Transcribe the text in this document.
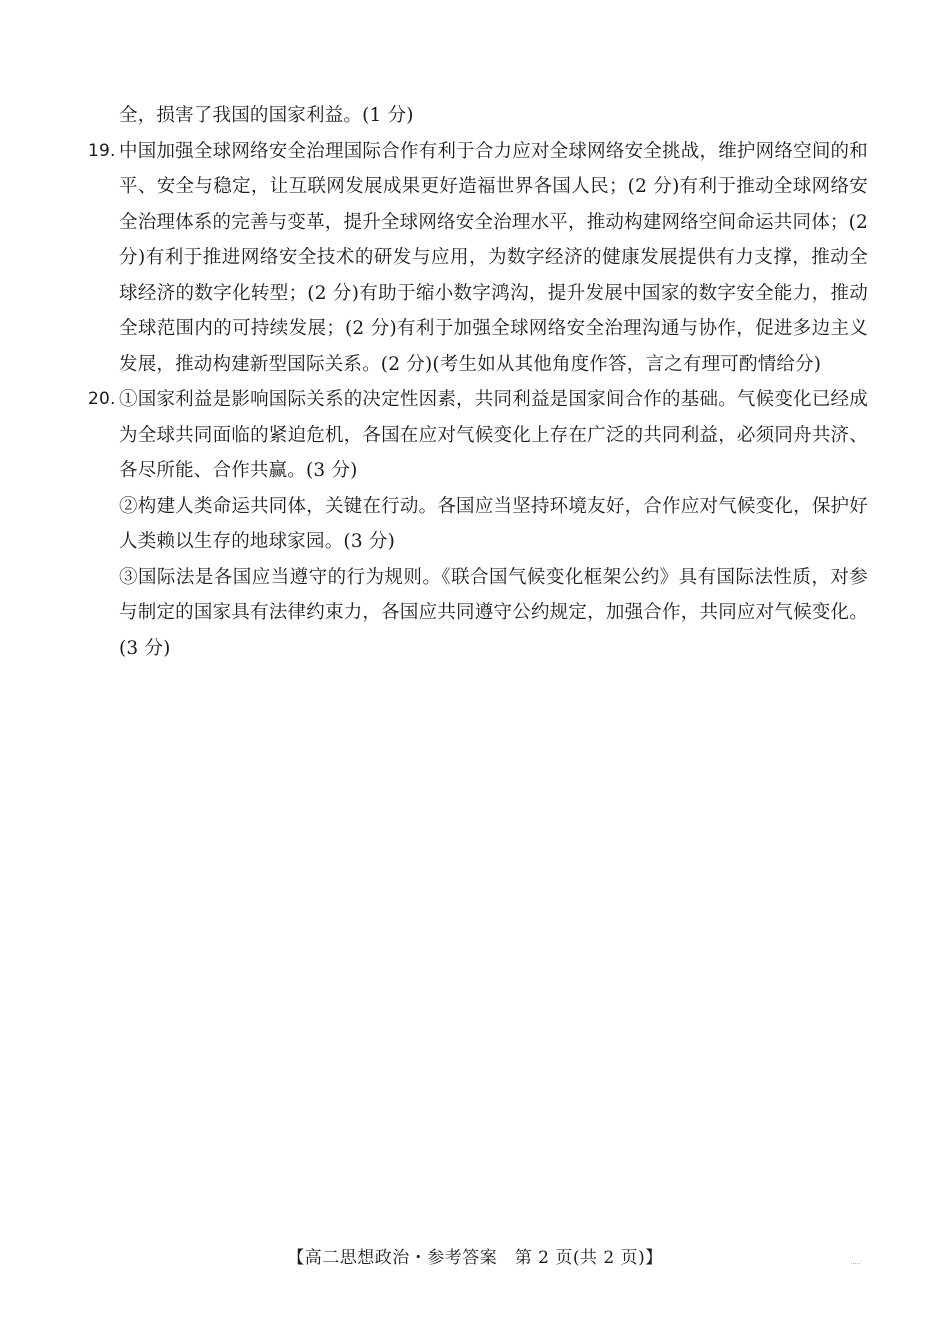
全，损害了我国的国家利益。(1 分)

19. 中国加强全球网络安全治理国际合作有利于合力应对全球网络安全挑战，维护网络空间的和平、安全与稳定，让互联网发展成果更好造福世界各国人民；(2 分)有利于推动全球网络安全治理体系的完善与变革，提升全球网络安全治理水平，推动构建网络空间命运共同体；(2 分)有利于推进网络安全技术的研发与应用，为数字经济的健康发展提供有力支撑，推动全球经济的数字化转型；(2 分)有助于缩小数字鸿沟，提升发展中国家的数字安全能力，推动全球范围内的可持续发展；(2 分)有利于加强全球网络安全治理沟通与协作，促进多边主义发展，推动构建新型国际关系。(2 分)(考生如从其他角度作答，言之有理可酌情给分)

20. ①国家利益是影响国际关系的决定性因素，共同利益是国家间合作的基础。气候变化已经成为全球共同面临的紧迫危机，各国在应对气候变化上存在广泛的共同利益，必须同舟共济、各尽所能、合作共赢。(3 分)

②构建人类命运共同体，关键在行动。各国应当坚持环境友好，合作应对气候变化，保护好人类赖以生存的地球家园。(3 分)

③国际法是各国应当遵守的行为规则。《联合国气候变化框架公约》具有国际法性质，对参与制定的国家具有法律约束力，各国应共同遵守公约规定，加强合作，共同应对气候变化。(3 分)

【高二思想政治・参考答案　第 2 页(共 2 页)】
